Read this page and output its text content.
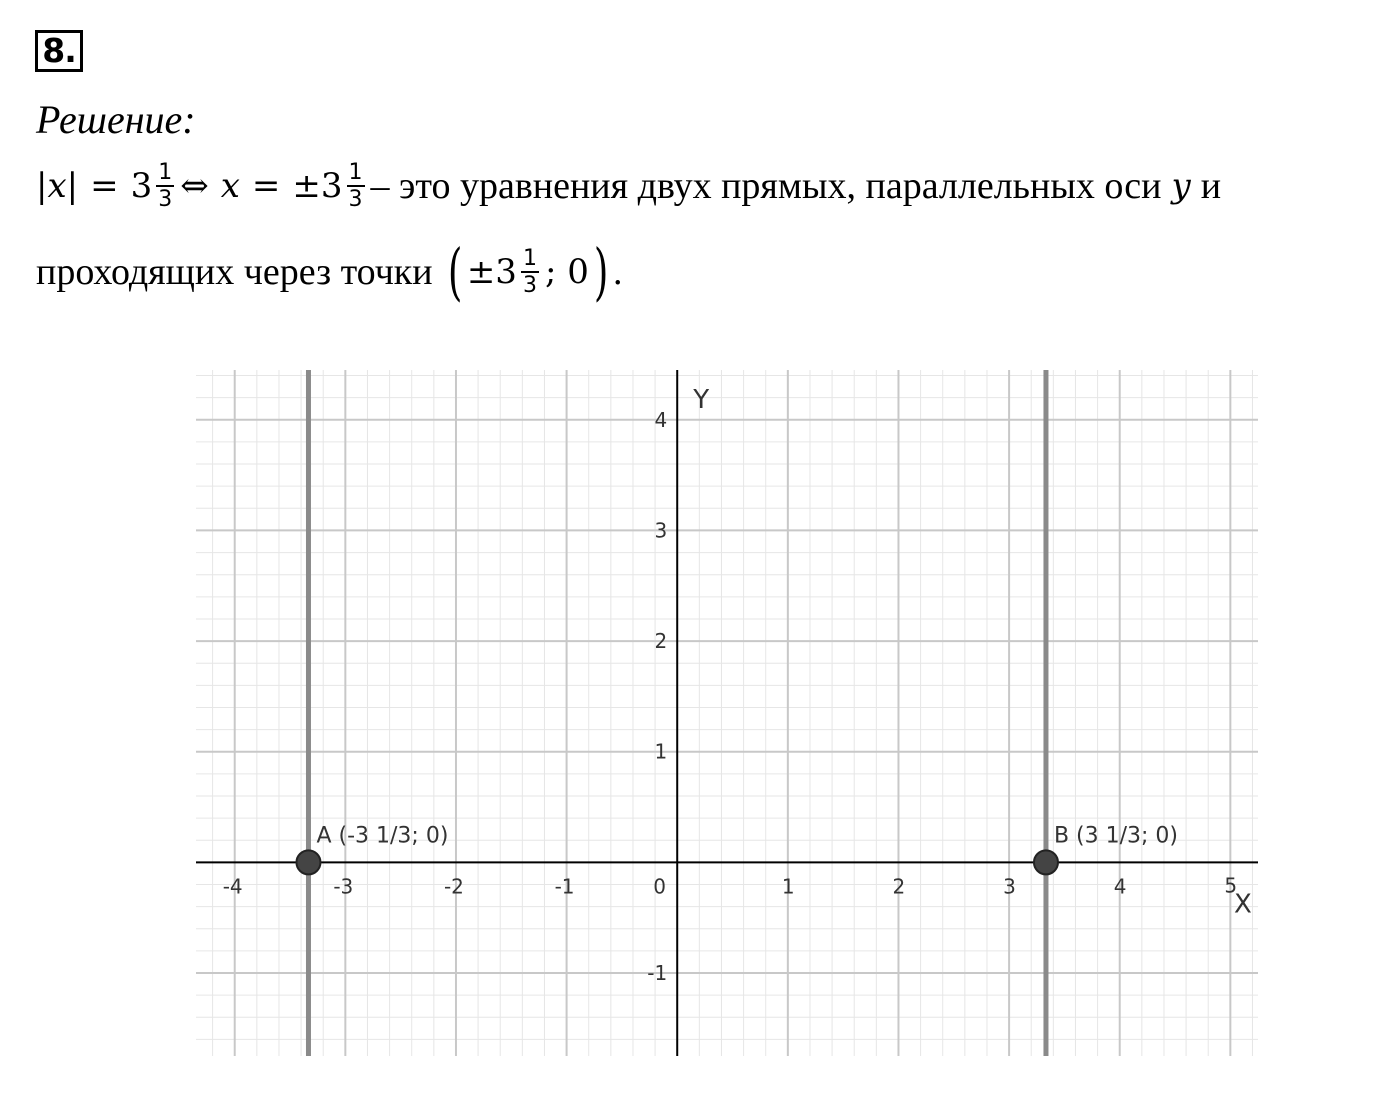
8.
Решение:
$|x| = 3 \frac{1}{3}$ ⇔ $x = \pm 3 \frac{1}{3}$ – это уравнения двух прямых, параллельных оси y и
проходящих через точки ( $\pm 3 \frac{1}{3}$ ; 0 ) .
X
Y
-4	-3	-2	-1	0	1	2	3	4	5
-1
1
2
3
4
A (-3 1/3; 0)	B (3 1/3; 0)
